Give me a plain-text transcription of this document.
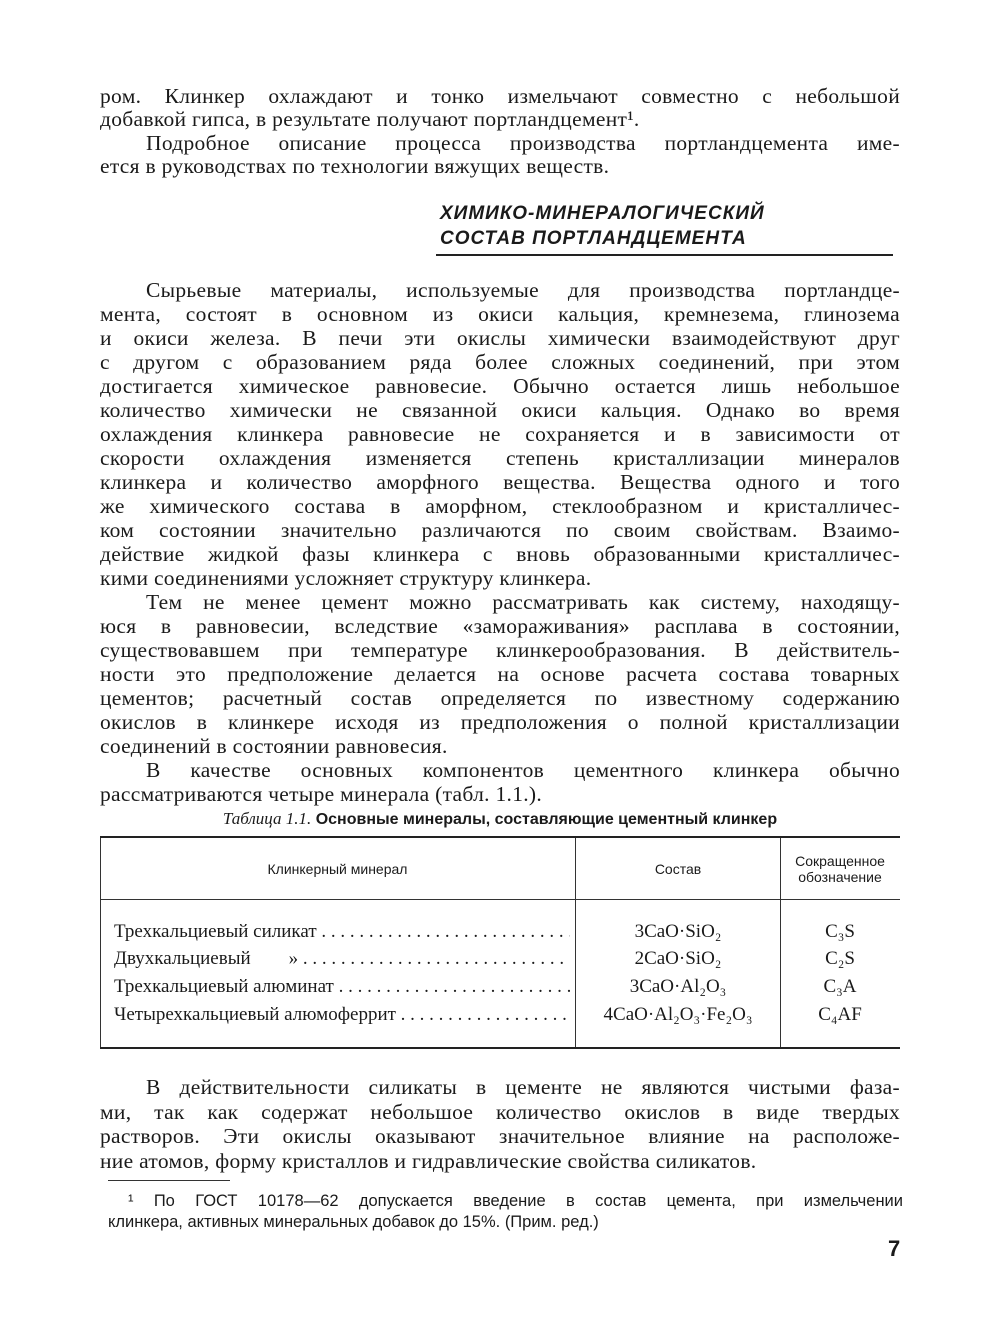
ром. Клинкер охлаждают и тонко измельчают совместно с небольшой
добавкой гипса, в результате получают портландцемент¹.
Подробное описание процесса производства портландцемента име-
ется в руководствах по технологии вяжущих веществ.
ХИМИКО-МИНЕРАЛОГИЧЕСКИЙ
СОСТАВ ПОРТЛАНДЦЕМЕНТА
Сырьевые материалы, используемые для производства портландце-
мента, состоят в основном из окиси кальция, кремнезема, глинозема
и окиси железа. В печи эти окислы химически взаимодействуют друг
с другом с образованием ряда более сложных соединений, при этом
достигается химическое равновесие. Обычно остается лишь небольшое
количество химически не связанной окиси кальция. Однако во время
охлаждения клинкера равновесие не сохраняется и в зависимости от
скорости охлаждения изменяется степень кристаллизации минералов
клинкера и количество аморфного вещества. Вещества одного и того
же химического состава в аморфном, стеклообразном и кристалличес-
ком состоянии значительно различаются по своим свойствам. Взаимо-
действие жидкой фазы клинкера с вновь образованными кристалличес-
кими соединениями усложняет структуру клинкера.
Тем не менее цемент можно рассматривать как систему, находящу-
юся в равновесии, вследствие «замораживания» расплава в состоянии,
существовавшем при температуре клинкерообразования. В действитель-
ности это предположение делается на основе расчета состава товарных
цементов; расчетный состав определяется по известному содержанию
окислов в клинкере исходя из предположения о полной кристаллизации
соединений в состоянии равновесия.
В качестве основных компонентов цементного клинкера обычно
рассматриваются четыре минерала (табл. 1.1.).
Таблица 1.1. Основные минералы, составляющие цементный клинкер
Клинкерный минерал	Состав	Сокращенное обозначение
Трехкальциевый силикат . . .	3CaO·SiO₂	C₃S
Двухкальциевый        » . . .	2CaO·SiO₂	C₂S
Трехкальциевый алюминат . . .	3CaO·Al₂O₃	C₃A
Четырехкальциевый алюмоферрит . . .	4CaO·Al₂O₃·Fe₂O₃	C₄AF
В действительности силикаты в цементе не являются чистыми фаза-
ми, так как содержат небольшое количество окислов в виде твердых
растворов. Эти окислы оказывают значительное влияние на расположе-
ние атомов, форму кристаллов и гидравлические свойства силикатов.
¹ По ГОСТ 10178—62 допускается введение в состав цемента, при измельчении
клинкера, активных минеральных добавок до 15%. (Прим. ред.)
7
